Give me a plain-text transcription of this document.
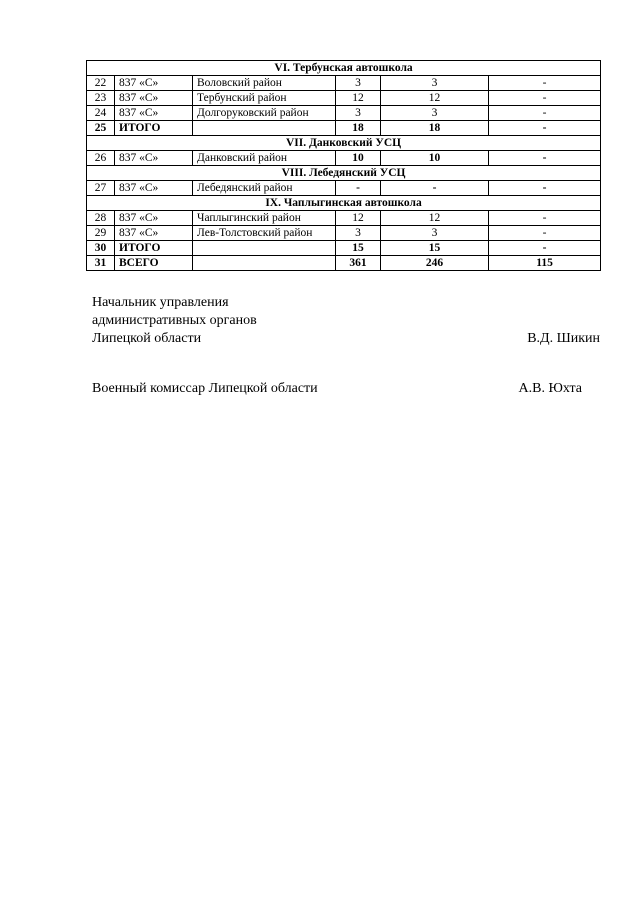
VI. Тербунская автошкола					
22	837 «С»	Воловский район	3	3	-
23	837 «С»	Тербунский район	12	12	-
24	837 «С»	Долгоруковский район	3	3	-
25	ИТОГО		18	18	-
VII. Данковский УСЦ					
26	837 «С»	Данковский район	10	10	-
VIII. Лебедянский УСЦ					
27	837 «С»	Лебедянский район	-	-	-
IX. Чаплыгинская автошкола					
28	837 «С»	Чаплыгинский район	12	12	-
29	837 «С»	Лев-Толстовский район	3	3	-
30	ИТОГО		15	15	-
31	ВСЕГО		361	246	115
Начальник управления
административных органов
Липецкой области	В.Д. Шикин
Военный комиссар Липецкой области	А.В. Юхта
